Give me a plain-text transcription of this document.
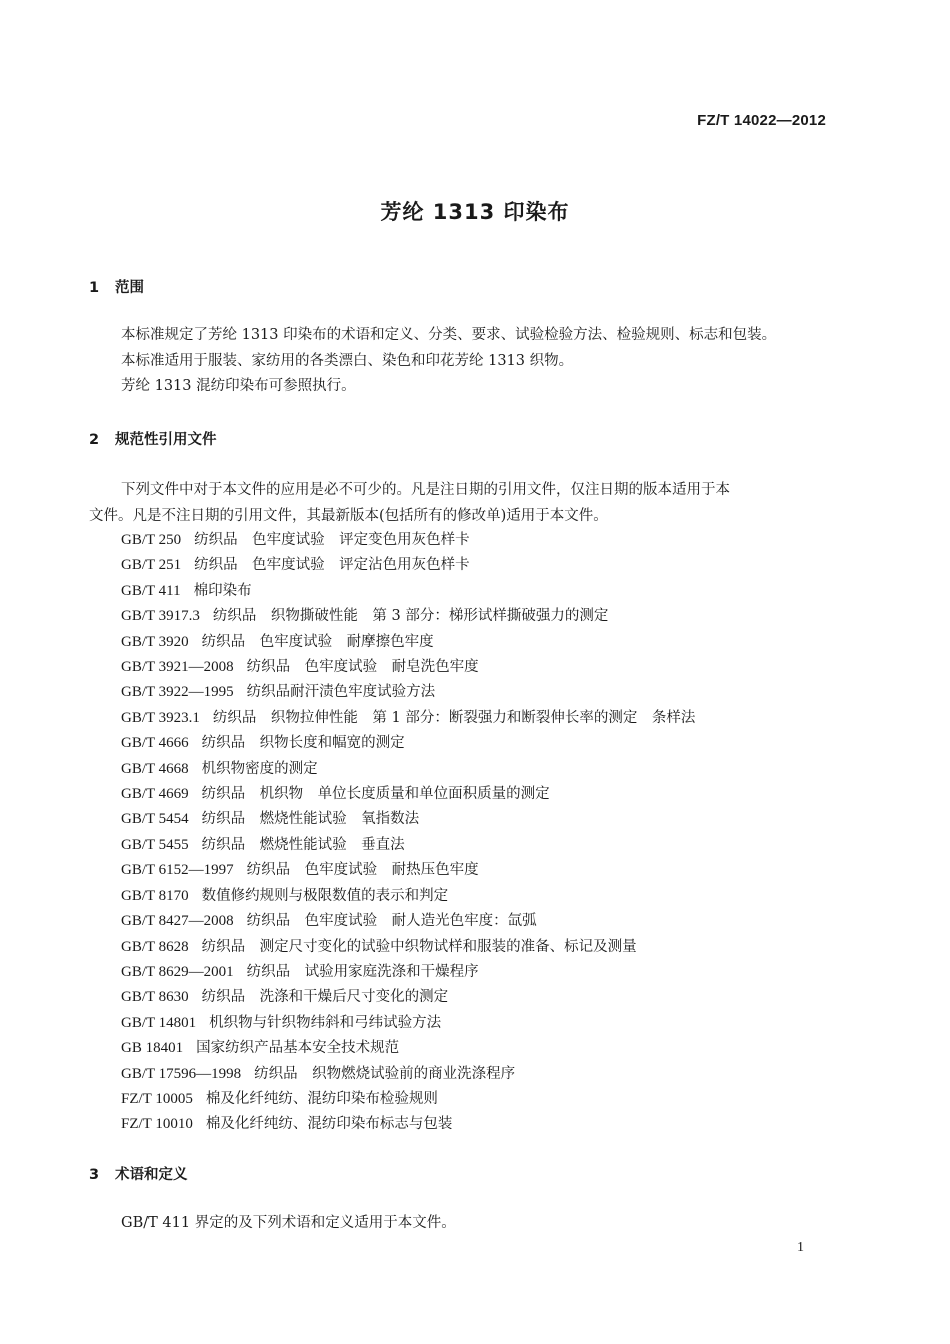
FZ/T 14022—2012
芳纶 1313 印染布
1 范围
本标准规定了芳纶 1313 印染布的术语和定义、分类、要求、试验检验方法、检验规则、标志和包装。
本标准适用于服装、家纺用的各类漂白、染色和印花芳纶 1313 织物。
芳纶 1313 混纺印染布可参照执行。
2 规范性引用文件
下列文件中对于本文件的应用是必不可少的。凡是注日期的引用文件，仅注日期的版本适用于本
文件。凡是不注日期的引用文件，其最新版本(包括所有的修改单)适用于本文件。
GB/T 250 纺织品　色牢度试验　评定变色用灰色样卡
GB/T 251 纺织品　色牢度试验　评定沾色用灰色样卡
GB/T 411 棉印染布
GB/T 3917.3 纺织品　织物撕破性能　第 3 部分：梯形试样撕破强力的测定
GB/T 3920 纺织品　色牢度试验　耐摩擦色牢度
GB/T 3921—2008 纺织品　色牢度试验　耐皂洗色牢度
GB/T 3922—1995 纺织品耐汗渍色牢度试验方法
GB/T 3923.1 纺织品　织物拉伸性能　第 1 部分：断裂强力和断裂伸长率的测定　条样法
GB/T 4666 纺织品　织物长度和幅宽的测定
GB/T 4668 机织物密度的测定
GB/T 4669 纺织品　机织物　单位长度质量和单位面积质量的测定
GB/T 5454 纺织品　燃烧性能试验　氧指数法
GB/T 5455 纺织品　燃烧性能试验　垂直法
GB/T 6152—1997 纺织品　色牢度试验　耐热压色牢度
GB/T 8170 数值修约规则与极限数值的表示和判定
GB/T 8427—2008 纺织品　色牢度试验　耐人造光色牢度：氙弧
GB/T 8628 纺织品　测定尺寸变化的试验中织物试样和服装的准备、标记及测量
GB/T 8629—2001 纺织品　试验用家庭洗涤和干燥程序
GB/T 8630 纺织品　洗涤和干燥后尺寸变化的测定
GB/T 14801 机织物与针织物纬斜和弓纬试验方法
GB 18401 国家纺织产品基本安全技术规范
GB/T 17596—1998 纺织品　织物燃烧试验前的商业洗涤程序
FZ/T 10005 棉及化纤纯纺、混纺印染布检验规则
FZ/T 10010 棉及化纤纯纺、混纺印染布标志与包装
3 术语和定义
GB/T 411 界定的及下列术语和定义适用于本文件。
1
